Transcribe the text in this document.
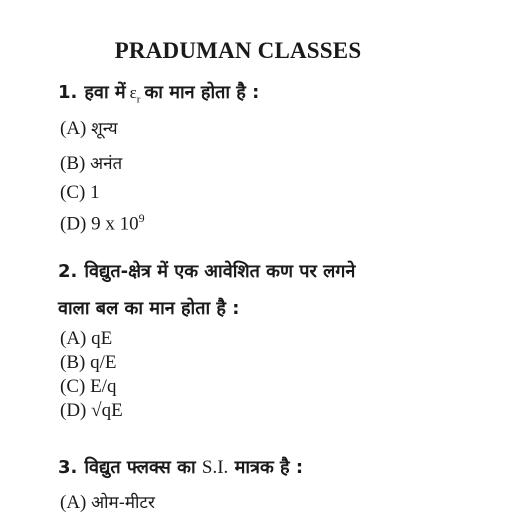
PRADUMAN CLASSES
1. हवा में $\varepsilon_r$ का मान होता है :
(A) शून्य
(B) अनंत
(C) 1
(D) 9 x $10^9$
2. विद्युत-क्षेत्र में एक आवेशित कण पर लगने
वाला बल का मान होता है :
(A) qE
(B) q/E
(C) E/q
(D) √qE
3. विद्युत फ्लक्स का S.I. मात्रक है :
(A) ओम-मीटर
